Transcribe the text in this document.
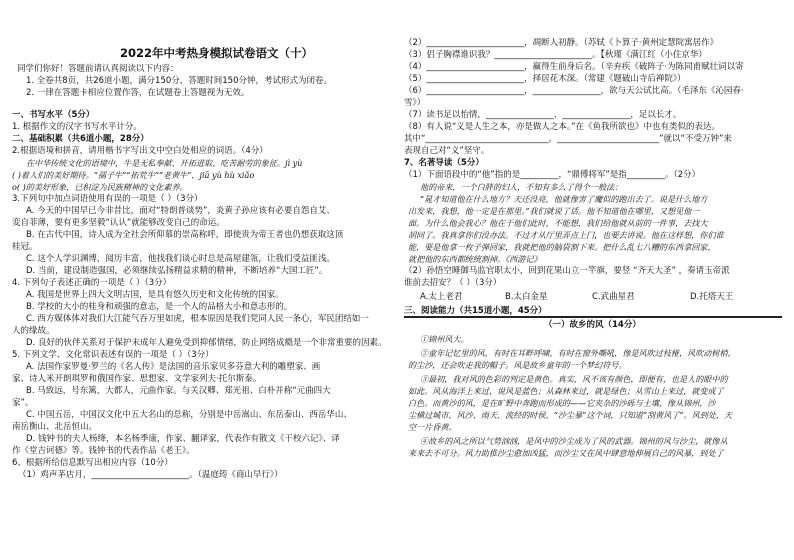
2022年中考热身模拟试卷语文（十）
同学们你好！答题前请认真阅读以下内容：
1. 全卷共8页，共26道小题，满分150分，答题时间150分钟，考试形式为闭卷。
2. 一律在答题卡相应位置作答，在试题卷上答题视为无效。
一、书写水平（5分）
1. 根据作文的汉字书写水平计分。
二、基础积累（共6道小题，28分）
2.根据语境和拼音，请用楷书字写出文中空白处相应的词语。（4分）
在中华传统文化的语境中，牛是无私奉献、开拓进取、吃苦耐劳的象征。jì yù
( )着人们的美好期待。“孺子牛”“拓荒牛”“老黄牛”，jiā yù hù xiǎo
o( )的美好形象，已积淀为民族精神的文化素养。
3.下列句中加点词语使用有误的一项是（ ）（3分）
A. 今天的中国早已今非昔比，面对“特朗普谈势”，炎黄子孙应该有必要自怨自艾、
変自菲薄，要有更多坚毅“认认”就能够改变自己的命运。
B. 在古代中国，诗人成为全社会所仰慕的崇高称呼，即使贵为帝王者也仍想获取这顶
桂冠。
C. 这个人学识渊博，阅历丰富，他找我们谈心时总是高屋建瓴，让我们受益匪浅。
D. 当前，建设制造强国，必须继续弘扬精益求精的精神，不断培养“大国工匠”。
4. 下列句子表述正确的一项是（ ）（3分）
A. 我国是世界上四大文明古国，是具有悠久历史和文化传统的国家。
B. 学校的大小的桂身和顽强的意志，是一个人的品格大小和意志形的。
C. 西方媒体体对我们大江能气吞万里如虎，根本原因是我们党同人民一条心，军民团结如一
人的缘故。
D. 良好的伙伴关系对于保护未成年人避免受到抑郁情绪，防止网络成瘾是一个非常重要的因素。
5. 下列文学、文化常识表述有误的一项是（ ）（3分）
A. 法国作家罗曼·罗兰的《名人传》是法国的音乐家贝多芬意大利的雕塑家、画
家、诗人米开朗琪罗和俄国作家、思想家、文学家列夫·托尔斯泰。
B. 马致远，号东篱，大都人，元曲作家。与关汉卿、郑光祖、白朴并称“元曲四大
家”。
C. 中国五岳，中国汉文化中五大名山的总称，分别是中岳嵩山、东岳泰山、西岳华山、
南岳衡山、北岳恒山。
D. 钱钟书的夫人杨绛，本名杨季康，作家、翻译家，代表作有散文《干校六记》、译
作《堂吉诃德》等。钱钟书的代表作品《老王》。
6、根据所给信息默写出相应内容（10分）
（1）鸡声茅店月，_______________________。（温庭筠《商山早行》）
（2）_______________________，凋断人初静。（苏轼《卜算子·黄州定慧院寓居作》
（3）侣子胸襟谁识我？_______________________。【秋瑾《满江红（小住京华）
（4）_______________________，赢得生前身后名。（辛弃疾《破阵子·为陈同甫赋壮词以寄
（5）_______________________，择居花木深。（常建《题破山寺后禅院》）
（6）_______________________，________________，欲与天公试比高。（毛泽东《沁园春·
雪》）
（7）读书足以怡情，________________，________________，足以长才。
（8）有人说“义是人生之本，亦是做人之本。”在《鱼我所欲也》中也有类似的表达。
其中“_____________________________，________________________”就以“不受万钟”来
表现自己对“义”坚守。
7、名著导读（5分）
（1）下面语段中的“他”指的是_________，“鼎傅将军”是指_________。（2分）
他的帝来，一个白胖的妇人，不知有多么了得个一般法：
“晁才知道他在什么地方？天还没亮，他就像害了魔似的跑出去了。说是什么地方
出发来，我想，他一定是在那里。”我们就说了话。他不知道他在哪里，又想见他一
面。为什么他会我心？他在于他们此时，不能想，我们给他就从前的一件事，去找大
胡同了。我真拿你们没办法。不过才从厅里弄点上门，也要去讲说。他在这样想，你们谁
能，要是他拿一枚子弹回家，我就把他的脑袋割下来。把什么乱七八糟的东西拿回家，
就把他的东西都统统割掉。《西游记》
（2）孙悟空睡御马监官职太小，回到花果山立一竿旗，要竖 “齐天大圣” ，奏请玉帝派
谁前去招安？（ ）（3分）
A.太上老君	B.太白金星	C.武曲星君	D.托塔天王
三、阅读能力（共15道小题，45分）
（一）故乡的风（14分）
①锦州风大。
②童年记忆里的风，有时在耳畔呼啸，有时在窗外嘶吼，像是风吹过枝桠，风吹动树梢，
的尘沙，还会吹走我的帽子。风是故乡童年的一个梦幻符号。
③最初，我对风的色彩的判定是黄色。真实，风不该有颜色，即便有，也是人的眼中的
如此。风从海洋上来过，说风是蓝色；从森林来过，就是绿色；从雪山上来过，就变成了
白色。而黄沙的风，是在旷野中奔跑而形成的——它夹杂的沙砾与土壤，像从锦州，沙
尘横过城市，风沙、雨天、流经的时侯，“沙尘暴”这个词，只知道“刮黄风了”。风到处，天
空一片昏黄。
④故乡的风之所以气势汹汹，是风中的沙尘成为了风的武器。锦州的风与沙尘，就像从
来来去不可分。风力助推沙尘愈加凶猛，而沙尘又在风中肆意地伸展自己的风暴，到处了
